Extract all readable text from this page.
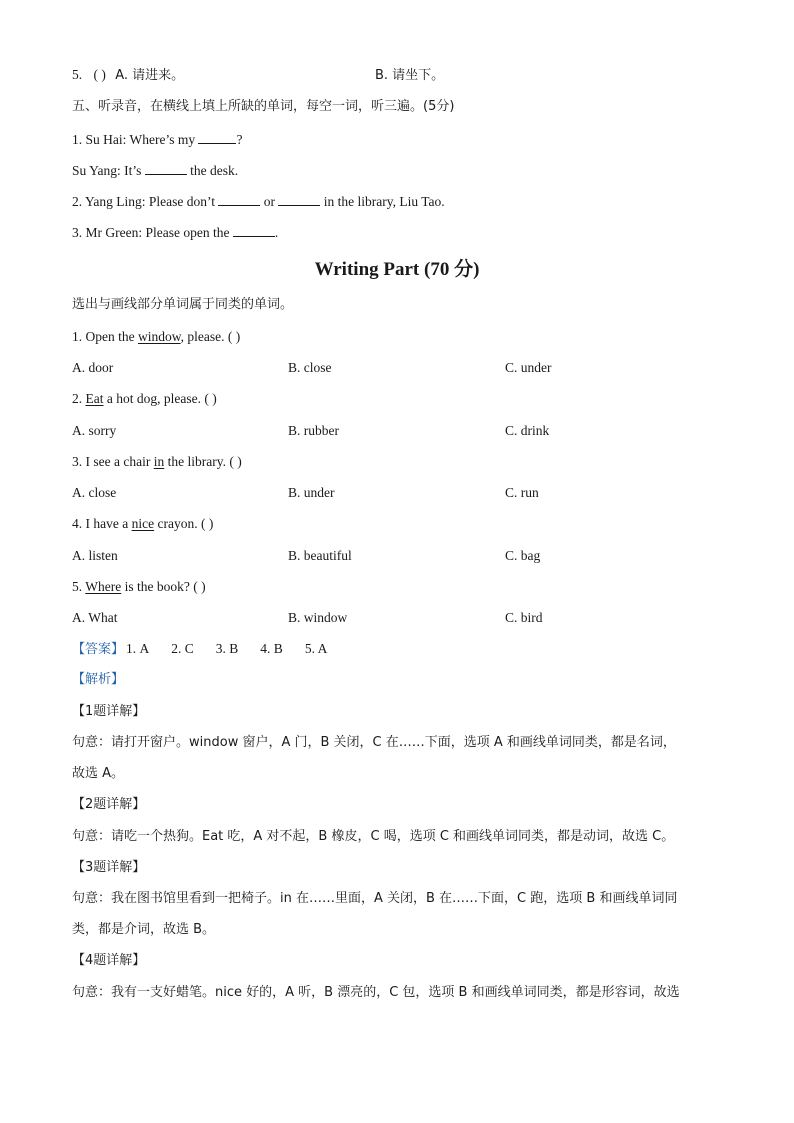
5. ( ) A. 请进来。	B. 请坐下。
五、听录音，在横线上填上所缺的单词，每空一词，听三遍。(5分)
1. Su Hai: Where’s my	?
Su Yang: It’s	the desk.
2. Yang Ling: Please don’t	or	in the library, Liu Tao.
3. Mr Green: Please open the	.
Writing Part (70 分)
选出与画线部分单词属于同类的单词。
1. Open the window, please. ( )
A. door	B. close	C. under
2. Eat a hot dog, please. ( )
A. sorry	B. rubber	C. drink
3. I see a chair in the library. ( )
A. close	B. under	C. run
4. I have a nice crayon. ( )
A. listen	B. beautiful	C. bag
5. Where is the book? ( )
A. What	B. window	C. bird
【答案】 1. A 2. C 3. B 4. B 5. A
【解析】
【1题详解】
句意：请打开窗户。window 窗户，A 门，B 关闭，C 在……下面，选项 A 和画线单词同类，都是名词，
故选 A。
【2题详解】
句意：请吃一个热狗。Eat 吃，A 对不起，B 橡皮，C 喝，选项 C 和画线单词同类，都是动词，故选 C。
【3题详解】
句意：我在图书馆里看到一把椅子。in 在……里面，A 关闭，B 在……下面，C 跑，选项 B 和画线单词同
类，都是介词，故选 B。
【4题详解】
句意：我有一支好蜡笔。nice 好的，A 听，B 漂亮的，C 包，选项 B 和画线单词同类，都是形容词，故选
